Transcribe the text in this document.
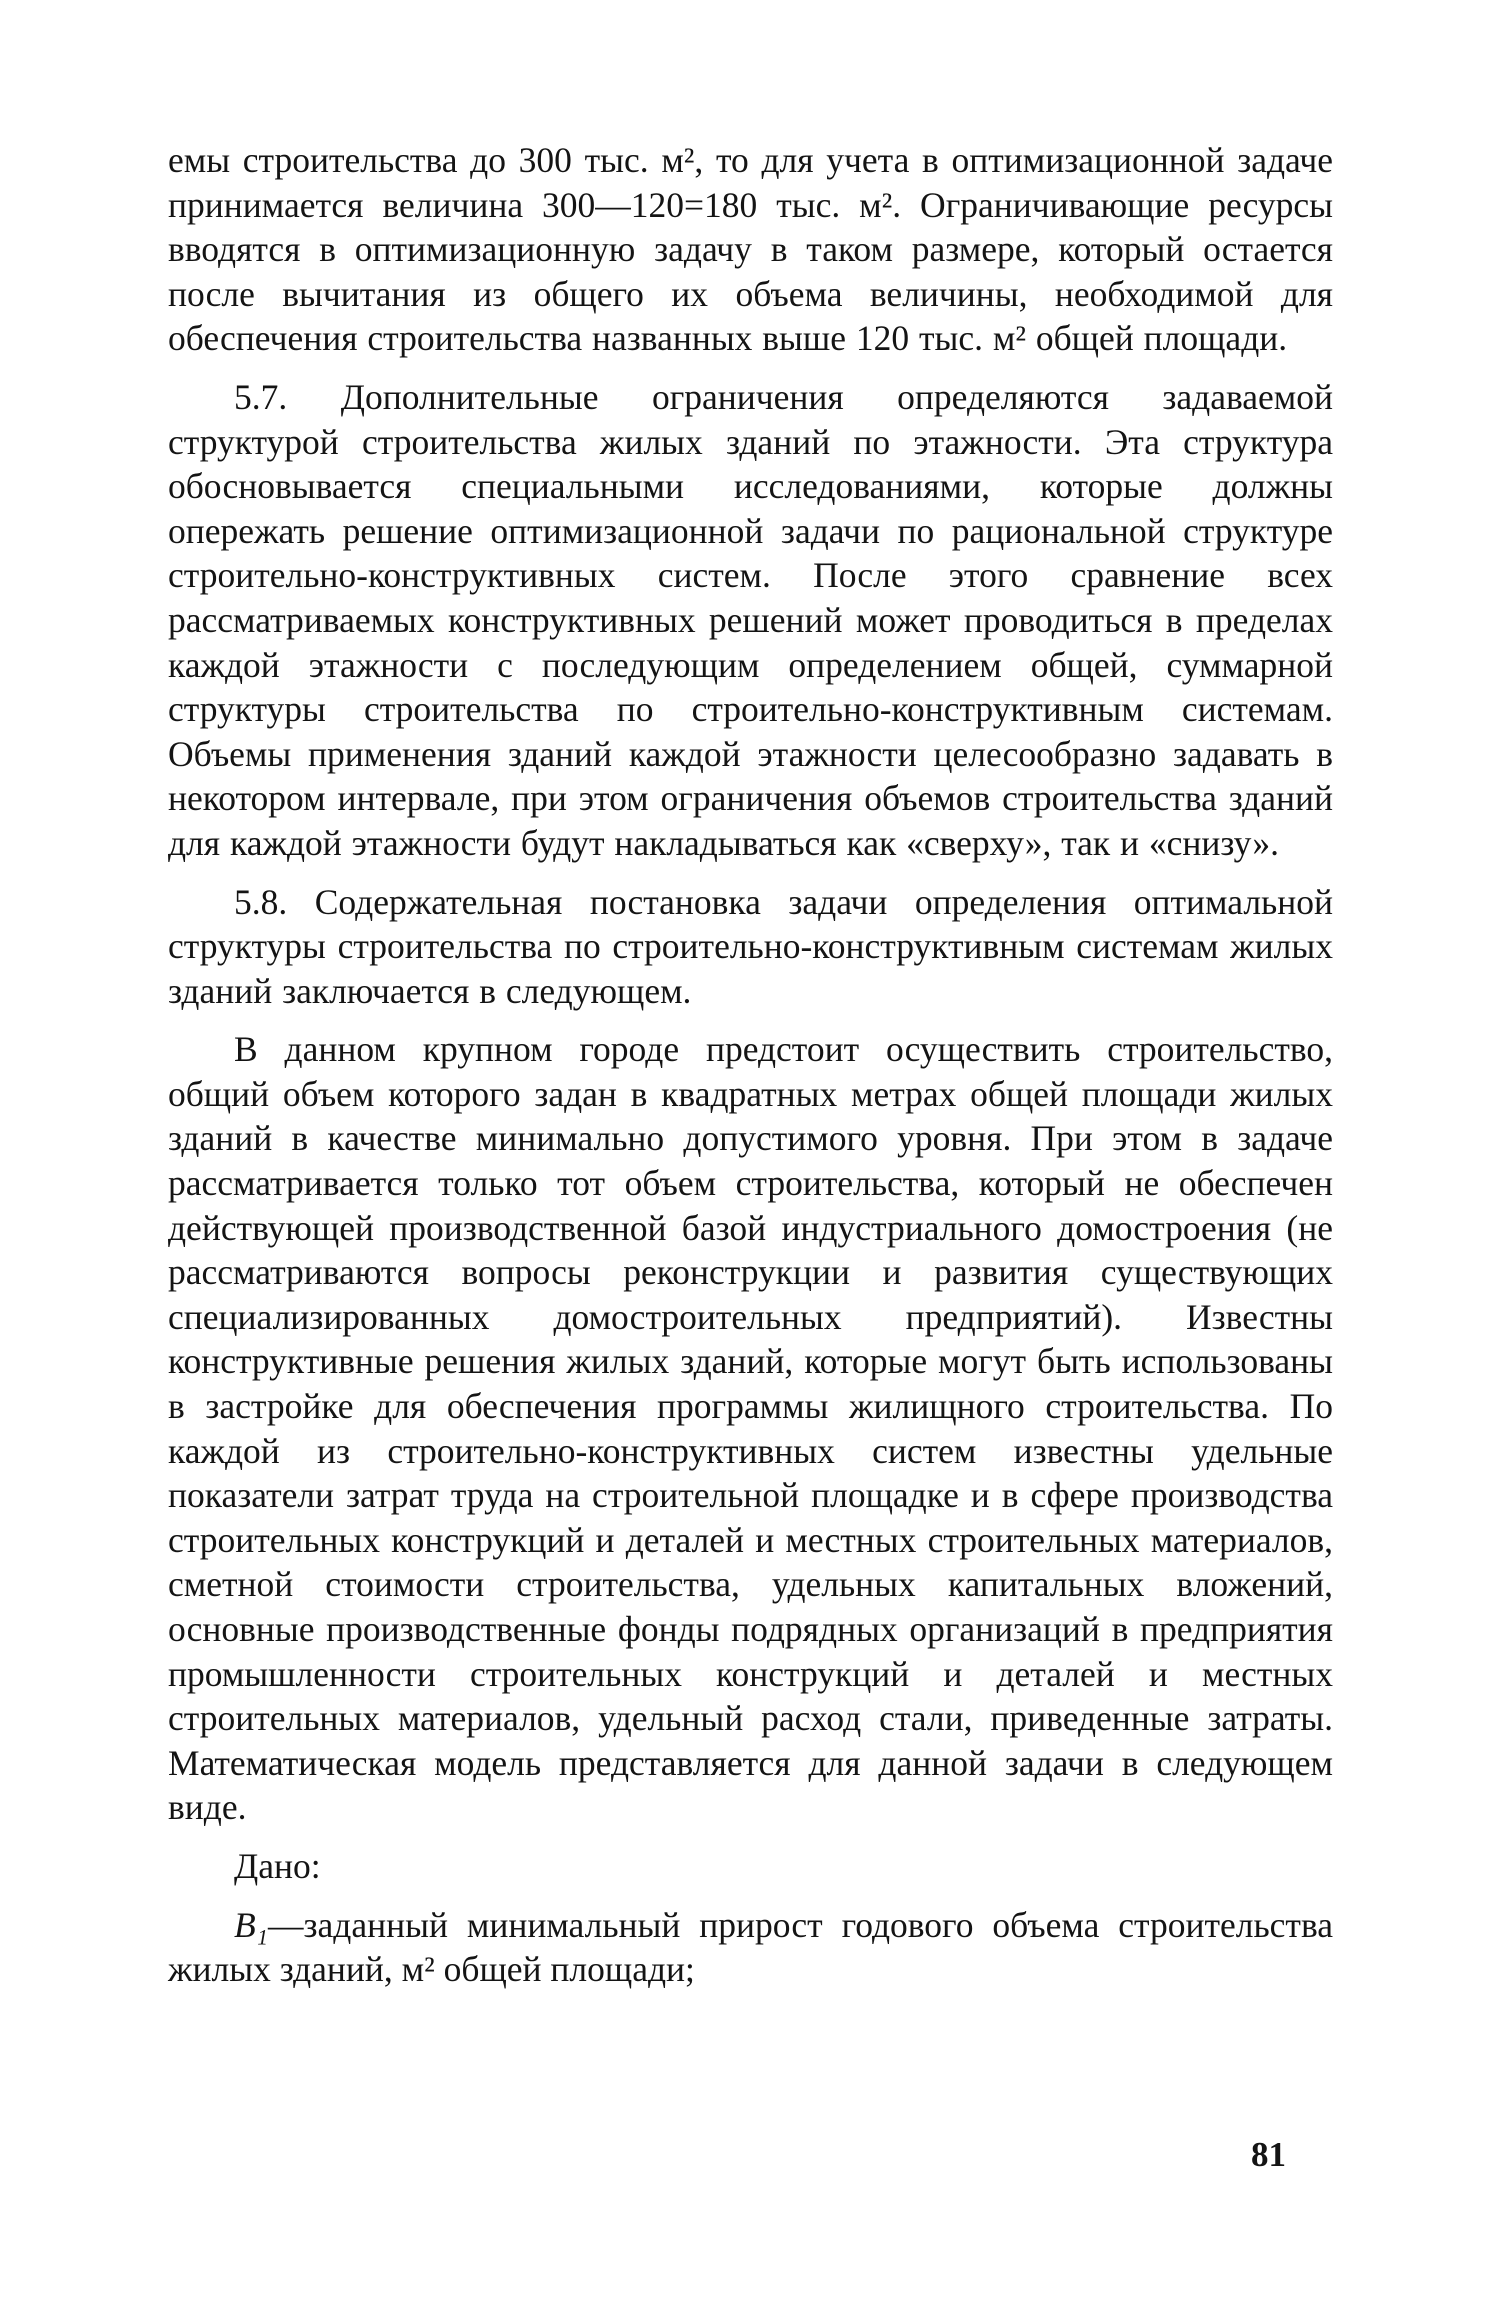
емы строительства до 300 тыс. м², то для учета в оптимизационной задаче принимается величина 300—120=180 тыс. м². Ограничивающие ресурсы вводятся в оптимизационную задачу в таком размере, который остается после вычитания из общего их объема величины, необходимой для обеспечения строительства названных выше 120 тыс. м² общей площади.

5.7. Дополнительные ограничения определяются задаваемой структурой строительства жилых зданий по этажности. Эта структура обосновывается специальными исследованиями, которые должны опережать решение оптимизационной задачи по рациональной структуре строительно-конструктивных систем. После этого сравнение всех рассматриваемых конструктивных решений может проводиться в пределах каждой этажности с последующим определением общей, суммарной структуры строительства по строительно-конструктивным системам. Объемы применения зданий каждой этажности целесообразно задавать в некотором интервале, при этом ограничения объемов строительства зданий для каждой этажности будут накладываться как «сверху», так и «снизу».

5.8. Содержательная постановка задачи определения оптимальной структуры строительства по строительно-конструктивным системам жилых зданий заключается в следующем.

В данном крупном городе предстоит осуществить строительство, общий объем которого задан в квадратных метрах общей площади жилых зданий в качестве минимально допустимого уровня. При этом в задаче рассматривается только тот объем строительства, который не обеспечен действующей производственной базой индустриального домостроения (не рассматриваются вопросы реконструкции и развития существующих специализированных домостроительных предприятий). Известны конструктивные решения жилых зданий, которые могут быть использованы в застройке для обеспечения программы жилищного строительства. По каждой из строительно-конструктивных систем известны удельные показатели затрат труда на строительной площадке и в сфере производства строительных конструкций и деталей и местных строительных материалов, сметной стоимости строительства, удельных капитальных вложений, основные производственные фонды подрядных организаций в предприятия промышленности строительных конструкций и деталей и местных строительных материалов, удельный расход стали, приведенные затраты. Математическая модель представляется для данной задачи в следующем виде.

Дано:

B₁—заданный минимальный прирост годового объема строительства жилых зданий, м² общей площади;

81
